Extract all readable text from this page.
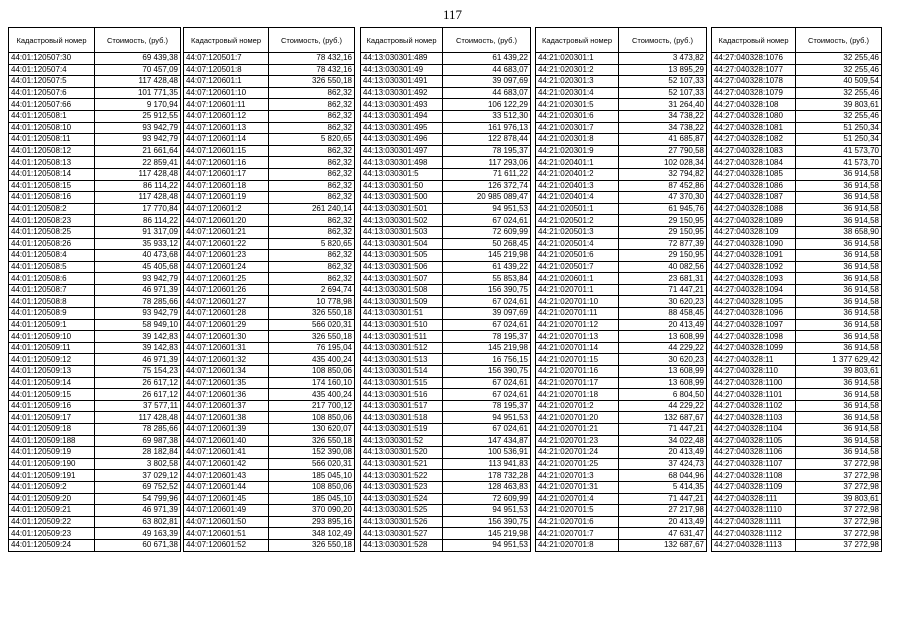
117
Кадастровый номер	Стоимость, (руб.)
44:01:120507:30	69 439,38
44:01:120507:4	70 457,09
44:01:120507:5	117 428,48
44:01:120507:6	101 771,35
44:01:120507:66	9 170,94
44:01:120508:1	25 912,55
44:01:120508:10	93 942,79
44:01:120508:11	93 942,79
44:01:120508:12	21 661,64
44:01:120508:13	22 859,41
44:01:120508:14	117 428,48
44:01:120508:15	86 114,22
44:01:120508:16	117 428,48
44:01:120508:2	17 770,84
44:01:120508:23	86 114,22
44:01:120508:25	91 317,09
44:01:120508:26	35 933,12
44:01:120508:4	40 473,68
44:01:120508:5	45 405,68
44:01:120508:6	93 942,79
44:01:120508:7	46 971,39
44:01:120508:8	78 285,66
44:01:120508:9	93 942,79
44:01:120509:1	58 949,10
44:01:120509:10	39 142,83
44:01:120509:11	39 142,83
44:01:120509:12	46 971,39
44:01:120509:13	75 154,23
44:01:120509:14	26 617,12
44:01:120509:15	26 617,12
44:01:120509:16	37 577,11
44:01:120509:17	117 428,48
44:01:120509:18	78 285,66
44:01:120509:188	69 987,38
44:01:120509:19	28 182,84
44:01:120509:190	3 802,58
44:01:120509:191	37 029,12
44:01:120509:2	69 752,52
44:01:120509:20	54 799,96
44:01:120509:21	46 971,39
44:01:120509:22	63 802,81
44:01:120509:23	49 163,39
44:01:120509:24	60 671,38
Кадастровый номер	Стоимость, (руб.)
44:07:120501:7	78 432,16
44:07:120501:8	78 432,16
44:07:120601:1	326 550,18
44:07:120601:10	862,32
44:07:120601:11	862,32
44:07:120601:12	862,32
44:07:120601:13	862,32
44:07:120601:14	5 820,65
44:07:120601:15	862,32
44:07:120601:16	862,32
44:07:120601:17	862,32
44:07:120601:18	862,32
44:07:120601:19	862,32
44:07:120601:2	261 240,14
44:07:120601:20	862,32
44:07:120601:21	862,32
44:07:120601:22	5 820,65
44:07:120601:23	862,32
44:07:120601:24	862,32
44:07:120601:25	862,32
44:07:120601:26	2 694,74
44:07:120601:27	10 778,98
44:07:120601:28	326 550,18
44:07:120601:29	566 020,31
44:07:120601:30	326 550,18
44:07:120601:31	76 195,04
44:07:120601:32	435 400,24
44:07:120601:34	108 850,06
44:07:120601:35	174 160,10
44:07:120601:36	435 400,24
44:07:120601:37	217 700,12
44:07:120601:38	108 850,06
44:07:120601:39	130 620,07
44:07:120601:40	326 550,18
44:07:120601:41	152 390,08
44:07:120601:42	566 020,31
44:07:120601:43	185 045,10
44:07:120601:44	108 850,06
44:07:120601:45	185 045,10
44:07:120601:49	370 090,20
44:07:120601:50	293 895,16
44:07:120601:51	348 102,49
44:07:120601:52	326 550,18
Кадастровый номер	Стоимость, (руб.)
44:13:030301:489	61 439,22
44:13:030301:49	44 683,07
44:13:030301:491	39 097,69
44:13:030301:492	44 683,07
44:13:030301:493	106 122,29
44:13:030301:494	33 512,30
44:13:030301:495	161 976,13
44:13:030301:496	122 878,44
44:13:030301:497	78 195,37
44:13:030301:498	117 293,06
44:13:030301:5	71 611,22
44:13:030301:50	126 372,74
44:13:030301:500	20 985 089,47
44:13:030301:501	94 951,53
44:13:030301:502	67 024,61
44:13:030301:503	72 609,99
44:13:030301:504	50 268,45
44:13:030301:505	145 219,98
44:13:030301:506	61 439,22
44:13:030301:507	55 853,84
44:13:030301:508	156 390,75
44:13:030301:509	67 024,61
44:13:030301:51	39 097,69
44:13:030301:510	67 024,61
44:13:030301:511	78 195,37
44:13:030301:512	145 219,98
44:13:030301:513	16 756,15
44:13:030301:514	156 390,75
44:13:030301:515	67 024,61
44:13:030301:516	67 024,61
44:13:030301:517	78 195,37
44:13:030301:518	94 951,53
44:13:030301:519	67 024,61
44:13:030301:52	147 434,87
44:13:030301:520	100 536,91
44:13:030301:521	113 941,83
44:13:030301:522	178 732,28
44:13:030301:523	128 463,83
44:13:030301:524	72 609,99
44:13:030301:525	94 951,53
44:13:030301:526	156 390,75
44:13:030301:527	145 219,98
44:13:030301:528	94 951,53
Кадастровый номер	Стоимость, (руб.)
44:21:020301:1	3 473,82
44:21:020301:2	13 895,29
44:21:020301:3	52 107,33
44:21:020301:4	52 107,33
44:21:020301:5	31 264,40
44:21:020301:6	34 738,22
44:21:020301:7	34 738,22
44:21:020301:8	41 685,87
44:21:020301:9	27 790,58
44:21:020401:1	102 028,34
44:21:020401:2	32 794,82
44:21:020401:3	87 452,86
44:21:020401:4	47 370,30
44:21:020501:1	61 945,76
44:21:020501:2	29 150,95
44:21:020501:3	29 150,95
44:21:020501:4	72 877,39
44:21:020501:6	29 150,95
44:21:020501:7	40 082,56
44:21:020601:1	23 681,31
44:21:020701:1	71 447,21
44:21:020701:10	30 620,23
44:21:020701:11	88 458,45
44:21:020701:12	20 413,49
44:21:020701:13	13 608,99
44:21:020701:14	44 229,22
44:21:020701:15	30 620,23
44:21:020701:16	13 608,99
44:21:020701:17	13 608,99
44:21:020701:18	6 804,50
44:21:020701:2	44 229,22
44:21:020701:20	132 687,67
44:21:020701:21	71 447,21
44:21:020701:23	34 022,48
44:21:020701:24	20 413,49
44:21:020701:25	37 424,73
44:21:020701:3	68 044,96
44:21:020701:31	5 414,35
44:21:020701:4	71 447,21
44:21:020701:5	27 217,98
44:21:020701:6	20 413,49
44:21:020701:7	47 631,47
44:21:020701:8	132 687,67
Кадастровый номер	Стоимость, (руб.)
44:27:040328:1076	32 255,46
44:27:040328:1077	32 255,46
44:27:040328:1078	40 509,54
44:27:040328:1079	32 255,46
44:27:040328:108	39 803,61
44:27:040328:1080	32 255,46
44:27:040328:1081	51 250,34
44:27:040328:1082	51 250,34
44:27:040328:1083	41 573,70
44:27:040328:1084	41 573,70
44:27:040328:1085	36 914,58
44:27:040328:1086	36 914,58
44:27:040328:1087	36 914,58
44:27:040328:1088	36 914,58
44:27:040328:1089	36 914,58
44:27:040328:109	38 658,90
44:27:040328:1090	36 914,58
44:27:040328:1091	36 914,58
44:27:040328:1092	36 914,58
44:27:040328:1093	36 914,58
44:27:040328:1094	36 914,58
44:27:040328:1095	36 914,58
44:27:040328:1096	36 914,58
44:27:040328:1097	36 914,58
44:27:040328:1098	36 914,58
44:27:040328:1099	36 914,58
44:27:040328:11	1 377 629,42
44:27:040328:110	39 803,61
44:27:040328:1100	36 914,58
44:27:040328:1101	36 914,58
44:27:040328:1102	36 914,58
44:27:040328:1103	36 914,58
44:27:040328:1104	36 914,58
44:27:040328:1105	36 914,58
44:27:040328:1106	36 914,58
44:27:040328:1107	37 272,98
44:27:040328:1108	37 272,98
44:27:040328:1109	37 272,98
44:27:040328:111	39 803,61
44:27:040328:1110	37 272,98
44:27:040328:1111	37 272,98
44:27:040328:1112	37 272,98
44:27:040328:1113	37 272,98
